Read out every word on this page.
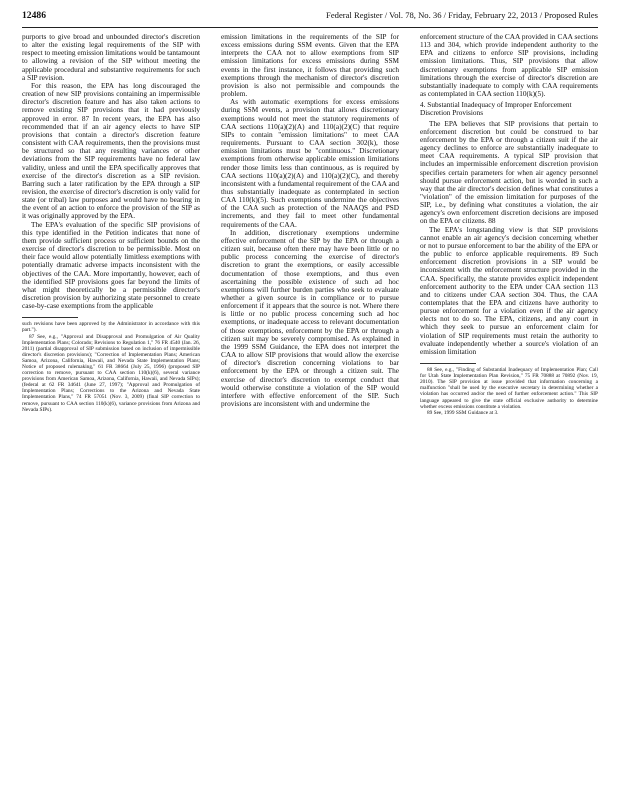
12486	Federal Register / Vol. 78, No. 36 / Friday, February 22, 2013 / Proposed Rules

purports to give broad and unbounded director's discretion to alter the existing legal requirements of the SIP with respect to meeting emission limitations would be tantamount to allowing a revision of the SIP without meeting the applicable procedural and substantive requirements for such a SIP revision.

For this reason, the EPA has long discouraged the creation of new SIP provisions containing an impermissible director's discretion feature and has also taken actions to remove existing SIP provisions that it had previously approved in error. 87 In recent years, the EPA has also recommended that if an air agency elects to have SIP provisions that contain a director's discretion feature consistent with CAA requirements, then the provisions must be structured so that any resulting variances or other deviations from the SIP requirements have no federal law validity, unless and until the EPA specifically approves that exercise of the director's discretion as a SIP revision. Barring such a later ratification by the EPA through a SIP revision, the exercise of director's discretion is only valid for state (or tribal) law purposes and would have no bearing in the event of an action to enforce the provision of the SIP as it was originally approved by the EPA.

The EPA's evaluation of the specific SIP provisions of this type identified in the Petition indicates that none of them provide sufficient process or sufficient bounds on the exercise of director's discretion to be permissible. Most on their face would allow potentially limitless exemptions with potentially dramatic adverse impacts inconsistent with the objectives of the CAA. More importantly, however, each of the identified SIP provisions goes far beyond the limits of what might theoretically be a permissible director's discretion provision by authorizing state personnel to create case-by-case exemptions from the applicable

such revisions have been approved by the Administrator in accordance with this part.").

87 See, e.g., "Approval and Disapproval and Promulgation of Air Quality Implementation Plans; Colorado; Revisions to Regulation 1," 76 FR 4540 (Jan. 26, 2011) (partial disapproval of SIP submission based on inclusion of impermissible director's discretion provisions); "Correction of Implementation Plans; American Samoa, Arizona, California, Hawaii, and Nevada State Implementation Plans; Notice of proposed rulemaking," 61 FR 38664 (July 25, 1996) (proposed SIP correction to remove, pursuant to CAA section 110(k)(6), several variance provisions from American Samoa, Arizona, California, Hawaii, and Nevada SIPs); (federal at 62 FR 34641 (June 27, 1997); "Approval and Promulgation of Implementation Plans; Corrections to the Arizona and Nevada State Implementation Plans," 74 FR 57051 (Nov. 3, 2009) (final SIP correction to remove, pursuant to CAA section 110(k)(6), variance provisions from Arizona and Nevada SIPs).

emission limitations in the requirements of the SIP for excess emissions during SSM events. Given that the EPA interprets the CAA not to allow exemptions from SIP emission limitations for excess emissions during SSM events in the first instance, it follows that providing such exemptions through the mechanism of director's discretion provision is also not permissible and compounds the problem.

As with automatic exemptions for excess emissions during SSM events, a provision that allows discretionary exemptions would not meet the statutory requirements of CAA sections 110(a)(2)(A) and 110(a)(2)(C) that require SIPs to contain "emission limitations" to meet CAA requirements. Pursuant to CAA section 302(k), those emission limitations must be "continuous." Discretionary exemptions from otherwise applicable emission limitations render those limits less than continuous, as is required by CAA sections 110(a)(2)(A) and 110(a)(2)(C), and thereby inconsistent with a fundamental requirement of the CAA and thus substantially inadequate as contemplated in section CAA 110(k)(5). Such exemptions undermine the objectives of the CAA such as protection of the NAAQS and PSD increments, and they fail to meet other fundamental requirements of the CAA.

In addition, discretionary exemptions undermine effective enforcement of the SIP by the EPA or through a citizen suit, because often there may have been little or no public process concerning the exercise of director's discretion to grant the exemptions, or easily accessible documentation of those exemptions, and thus even ascertaining the possible existence of such ad hoc exemptions will further burden parties who seek to evaluate whether a given source is in compliance or to pursue enforcement if it appears that the source is not. Where there is little or no public process concerning such ad hoc exemptions, or inadequate access to relevant documentation of those exemptions, enforcement by the EPA or through a citizen suit may be severely compromised. As explained in the 1999 SSM Guidance, the EPA does not interpret the CAA to allow SIP provisions that would allow the exercise of director's discretion concerning violations to bar enforcement by the EPA or through a citizen suit. The exercise of director's discretion to exempt conduct that would otherwise constitute a violation of the SIP would interfere with effective enforcement of the SIP. Such provisions are inconsistent with and undermine the

enforcement structure of the CAA provided in CAA sections 113 and 304, which provide independent authority to the EPA and citizens to enforce SIP provisions, including emission limitations. Thus, SIP provisions that allow discretionary exemptions from applicable SIP emission limitations through the exercise of director's discretion are substantially inadequate to comply with CAA requirements as contemplated in CAA section 110(k)(5).

4. Substantial Inadequacy of Improper Enforcement Discretion Provisions

The EPA believes that SIP provisions that pertain to enforcement discretion but could be construed to bar enforcement by the EPA or through a citizen suit if the air agency declines to enforce are substantially inadequate to meet CAA requirements. A typical SIP provision that includes an impermissible enforcement discretion provision specifies certain parameters for when air agency personnel should pursue enforcement action, but is worded in such a way that the air director's decision defines what constitutes a "violation" of the emission limitation for purposes of the SIP, i.e., by defining what constitutes a violation, the air agency's own enforcement discretion decisions are imposed on the EPA or citizens. 88

The EPA's longstanding view is that SIP provisions cannot enable an air agency's decision concerning whether or not to pursue enforcement to bar the ability of the EPA or the public to enforce applicable requirements. 89 Such enforcement discretion provisions in a SIP would be inconsistent with the enforcement structure provided in the CAA. Specifically, the statute provides explicit independent enforcement authority to the EPA under CAA section 113 and to citizens under CAA section 304. Thus, the CAA contemplates that the EPA and citizens have authority to pursue enforcement for a violation even if the air agency elects not to do so. The EPA, citizens, and any court in which they seek to pursue an enforcement claim for violation of SIP requirements must retain the authority to evaluate independently whether a source's violation of an emission limitation

88 See, e.g., "Finding of Substantial Inadequacy of Implementation Plan; Call for Utah State Implementation Plan Revision," 75 FR 70888 at 70892 (Nov. 19, 2010). The SIP provision at issue provided that information concerning a malfunction "shall be used by the executive secretary in determining whether a violation has occurred and/or the need of further enforcement action." This SIP language appeared to give the state official exclusive authority to determine whether excess emissions constitute a violation.

89 See, 1999 SSM Guidance at 3.
